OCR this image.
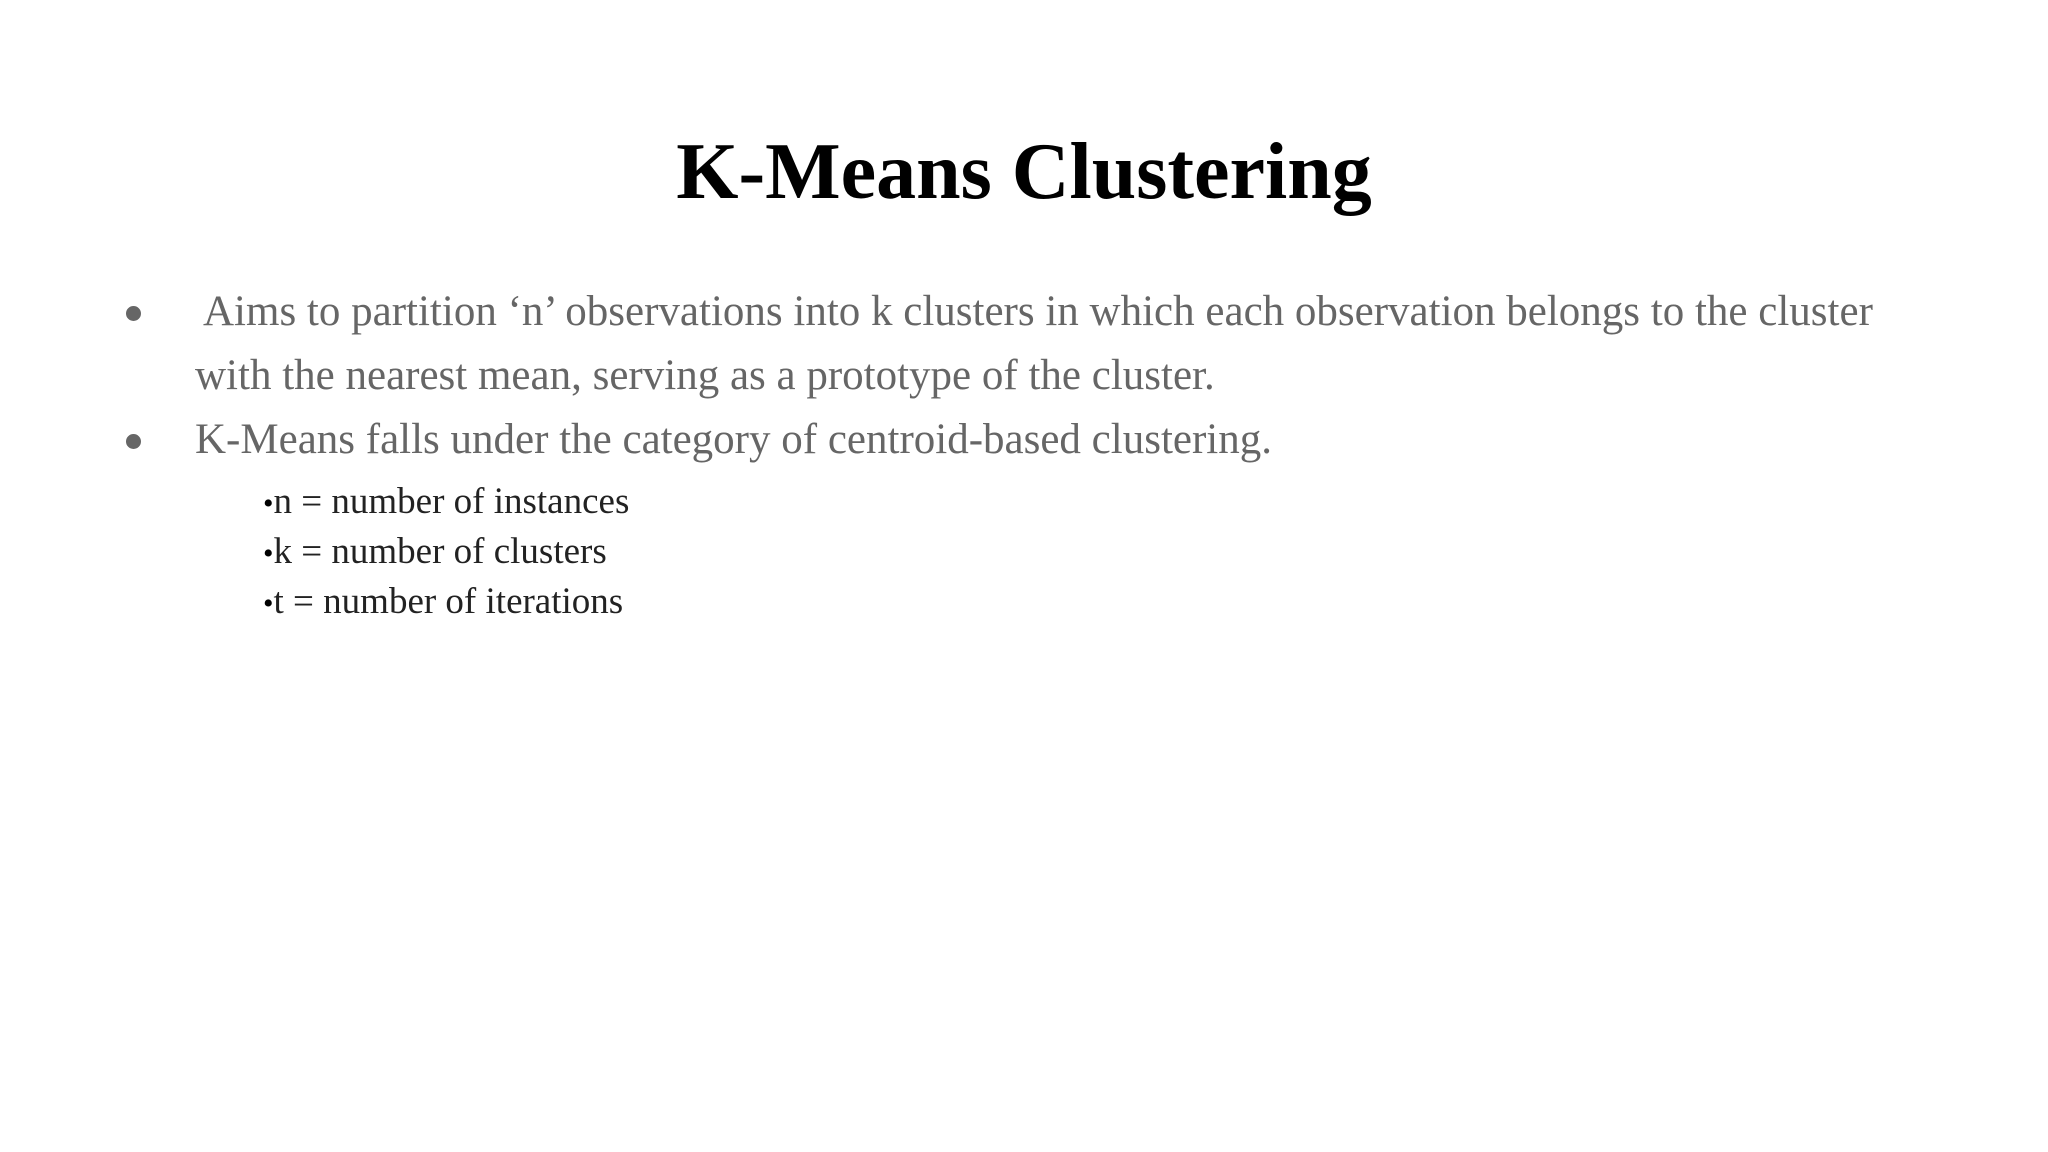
K-Means Clustering
Aims to partition ‘n’ observations into k clusters in which each observation belongs to the cluster with the nearest mean, serving as a prototype of the cluster.
K-Means falls under the category of centroid-based clustering.
•n = number of instances
•k = number of clusters
•t = number of iterations
